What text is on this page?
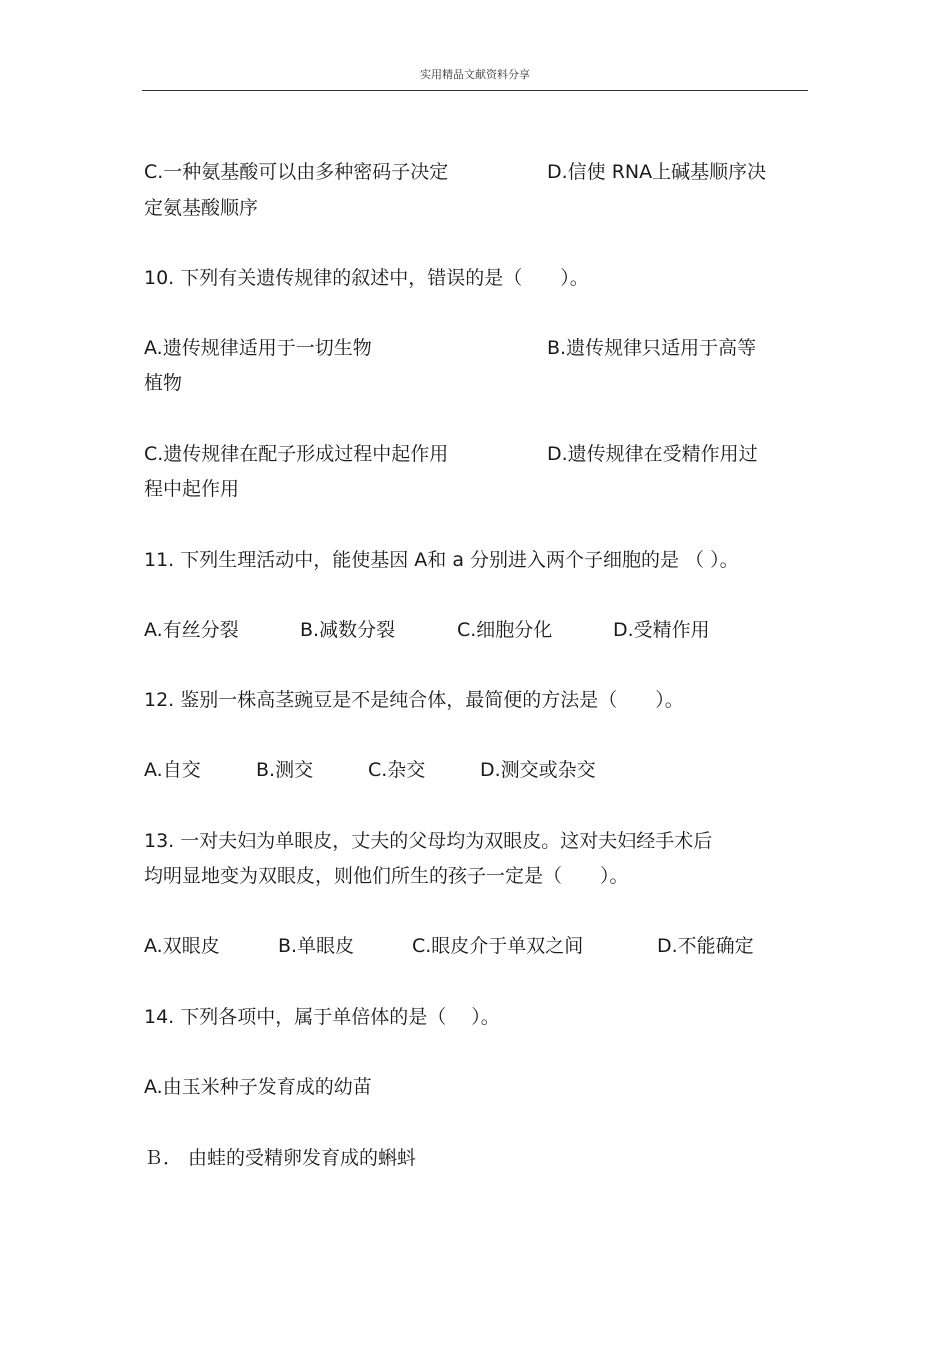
实用精品文献资料分享
C.一种氨基酸可以由多种密码子决定	D.信使 RNA上碱基顺序决
定氨基酸顺序
10. 下列有关遗传规律的叙述中，错误的是（　　）。
A.遗传规律适用于一切生物	B.遗传规律只适用于高等
植物
C.遗传规律在配子形成过程中起作用	D.遗传规律在受精作用过
程中起作用
11. 下列生理活动中，能使基因 A和 a 分别进入两个子细胞的是 （ ）。
A.有丝分裂	B.减数分裂	C.细胞分化	D.受精作用
12. 鉴别一株高茎豌豆是不是纯合体，最简便的方法是（　　）。
A.自交	B.测交	C.杂交	D.测交或杂交
13. 一对夫妇为单眼皮，丈夫的父母均为双眼皮。这对夫妇经手术后
均明显地变为双眼皮，则他们所生的孩子一定是（　　）。
A.双眼皮	B.单眼皮	C.眼皮介于单双之间	D.不能确定
14. 下列各项中，属于单倍体的是（　 ）。
A.由玉米种子发育成的幼苗
Ｂ． 由蛙的受精卵发育成的蝌蚪
